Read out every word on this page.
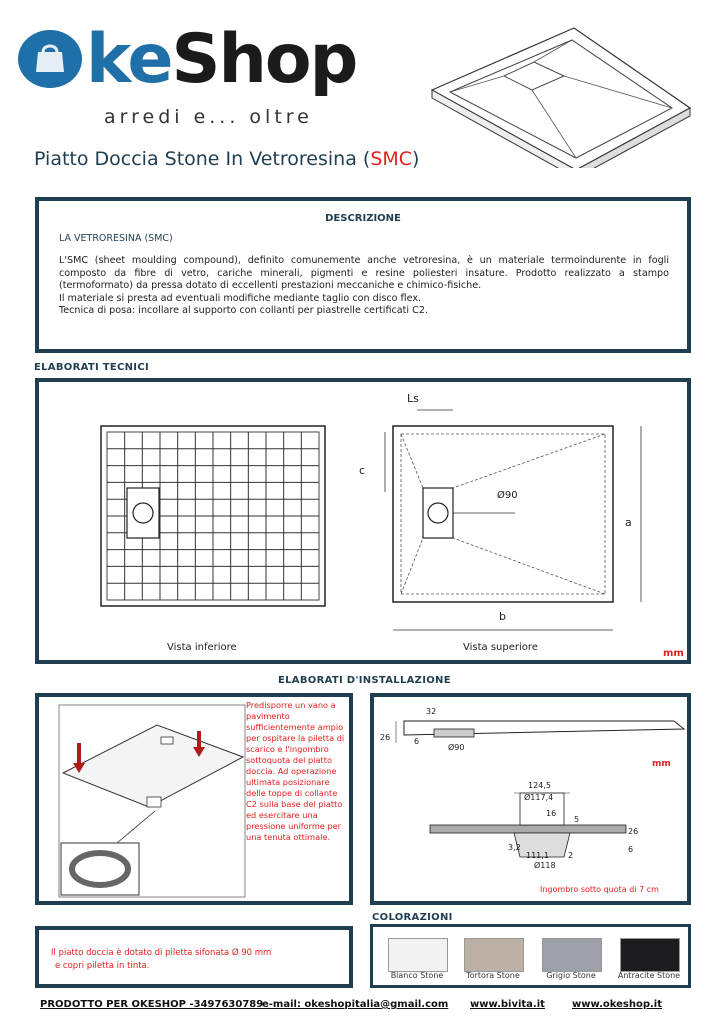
keShop
arredi e... oltre
Piatto Doccia Stone In Vetroresina (SMC)
DESCRIZIONE
LA VETRORESINA (SMC)
L'SMC (sheet moulding compound), definito comunemente anche vetroresina, è un materiale termoindurente in fogli composto da fibre di vetro, cariche minerali, pigmenti e resine poliesteri insature. Prodotto realizzato a stampo (termoformato) da pressa dotato di eccellenti prestazioni meccaniche e chimico-fisiche.
Il materiale si presta ad eventuali modifiche mediante taglio con disco flex.
Tecnica di posa: incollare al supporto con collanti per piastrelle certificati C2.
ELABORATI TECNICI
Ls
c
a
b
Ø90
Vista inferiore	Vista superiore
mm
ELABORATI D'INSTALLAZIONE
Predisporre un vano a pavimento sufficientemente ampio per ospitare la piletta di scarico e l'ingombro sottoquota del piatto doccia. Ad operazione ultimata posizionare delle toppe di collante C2 sulla base del piatto ed esercitare una pressione uniforme per una tenuta ottimale.
32
26	6
Ø90
mm
124,5
Ø117,4
16
5
26
6
3,2
111,1 2
Ø118
Ingombro sotto quota di 7 cm
COLORAZIONI
Bianco Stone	Tortora Stone	Grigio Stone	Antracite Stone
Il piatto doccia è dotato di piletta sifonata Ø 90 mm
e copri piletta in tinta.
PRODOTTO PER OKESHOP -3497630789
e-mail: okeshopitalia@gmail.com www.bivita.it	www.okeshop.it
